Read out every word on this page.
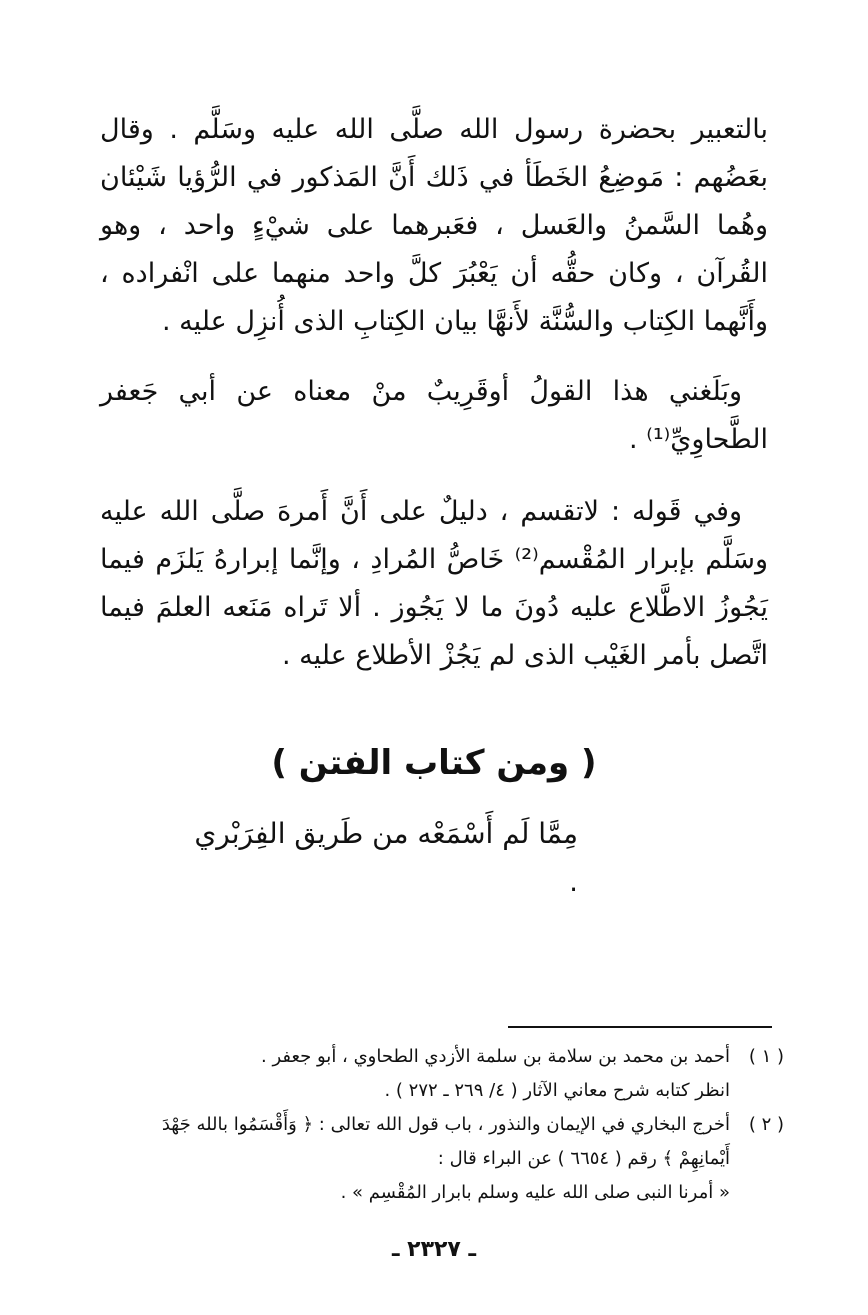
بالتعبير بحضرة رسول الله صلَّى الله عليه وسَلَّم . وقال بعَضُهم : مَوضِعُ الخَطَأ في ذَلك أَنَّ المَذكور في الرُّؤيا شَيْئان وهُما السَّمنُ والعَسل ، فعَبرهما على شيْءٍ واحد ، وهو القُرآن ، وكان حقُّه أن يَعْبُرَ كلَّ واحد منهما على انْفراده ، وأَنَّهما الكِتاب والسُّنَّة لأَنهَّا بيان الكِتابِ الذى أُنزِل عليه .

وبَلَغني هذا القولُ أوقَرِيبٌ منْ معناه عن أبي جَعفر الطَّحاوِيِّ⁽¹⁾ .

وفي قَوله : لاتقسم ، دليلٌ على أَنَّ أَمرهَ صلَّى الله عليه وسَلَّم بإبرار المُقْسم⁽²⁾ خَاصُّ المُرادِ ، وإنَّما إبرارهُ يَلزَم فيما يَجُوزُ الاطَّلاع عليه دُونَ ما لا يَجُوز . ألا تَراه مَنَعه العلمَ فيما اتَّصل بأمر الغَيْب الذى لم يَجُزْ الأطلاع عليه .

( ومن كتاب الفتن )
مِمَّا لَم أَسْمَعْه من طَريق الفِرَبْري .
( ١ )
أحمد بن محمد بن سلامة بن سلمة الأزدي الطحاوي ، أبو جعفر .
انظر كتابه شرح معاني الآثار ( ٤/ ٢٦٩ ـ ٢٧٢ ) .
( ٢ )
أخرج البخاري في الإيمان والنذور ، باب قول الله تعالى : ﴿ وَأَقْسَمُوا بالله جَهْدَ
أَيْمانِهِمْ ﴾ رقم ( ٦٦٥٤ ) عن البراء قال :
« أمرنا النبى صلى الله عليه وسلم بابرار المُقْسِم » .
ـ ٢٣٢٧ ـ
